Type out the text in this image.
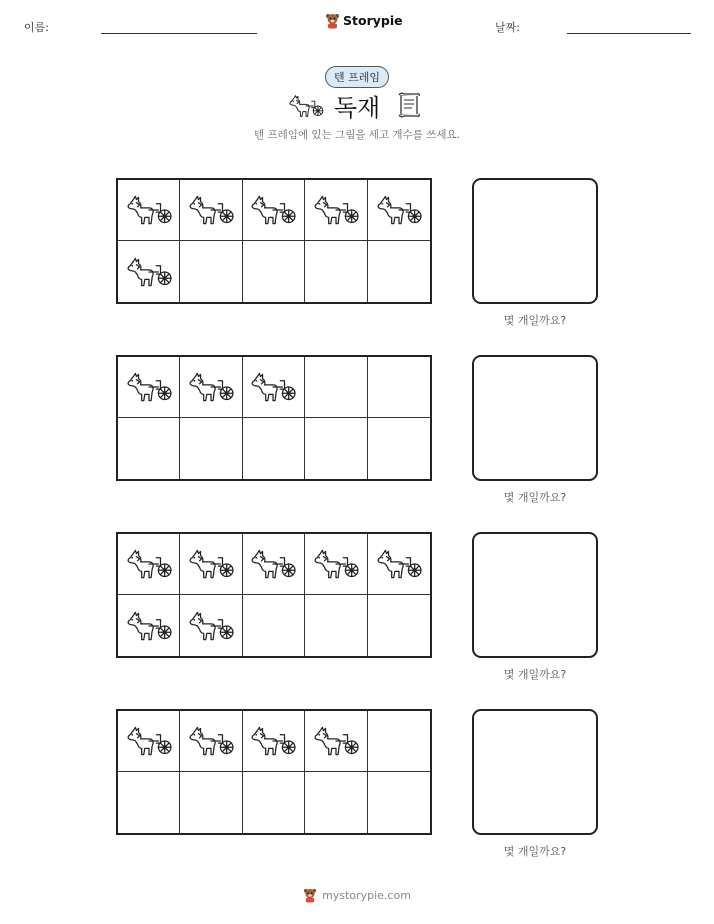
이름:	Storypie	날짜:
텐 프레임
독재
텐 프레임에 있는 그림을 세고 개수를 쓰세요.
몇 개일까요?
몇 개일까요?
몇 개일까요?
몇 개일까요?
mystorypie.com
